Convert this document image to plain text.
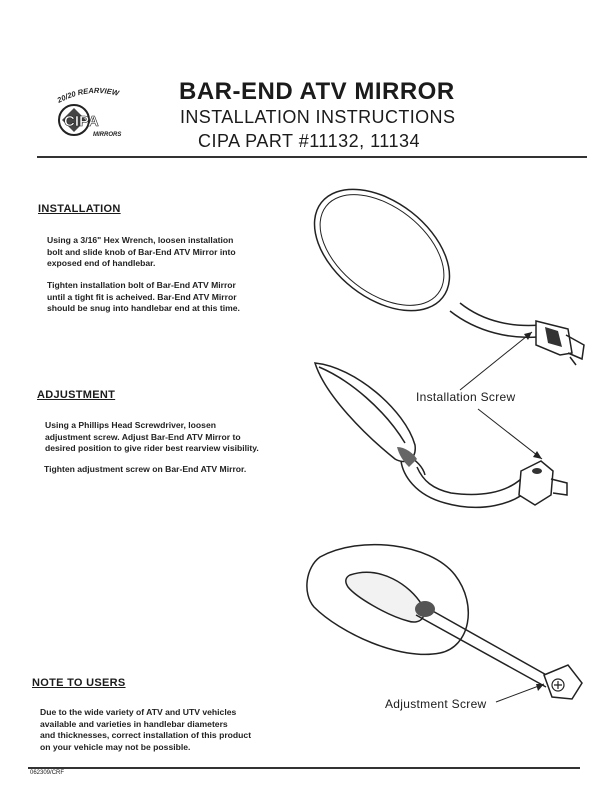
20/20 REARVIEW
CIPA
MIRRORS
BAR-END ATV MIRROR
INSTALLATION INSTRUCTIONS
CIPA PART #11132, 11134
INSTALLATION
Using a 3/16" Hex Wrench, loosen installation
bolt and slide knob of Bar-End ATV Mirror into
exposed end of handlebar.
Tighten installation bolt of Bar-End ATV Mirror
until a tight fit is acheived. Bar-End ATV Mirror
should be snug into handlebar end at this time.
ADJUSTMENT
Using a Phillips Head Screwdriver, loosen
adjustment screw. Adjust Bar-End ATV Mirror to
desired position to give rider best rearview visibility.
Tighten adjustment screw on Bar-End ATV Mirror.
NOTE TO USERS
Due to the wide variety of ATV and UTV vehicles
available and varieties in handlebar diameters
and thicknesses, correct installation of this product
on your vehicle may not be possible.
Installation Screw
Adjustment Screw
062309/CRF
